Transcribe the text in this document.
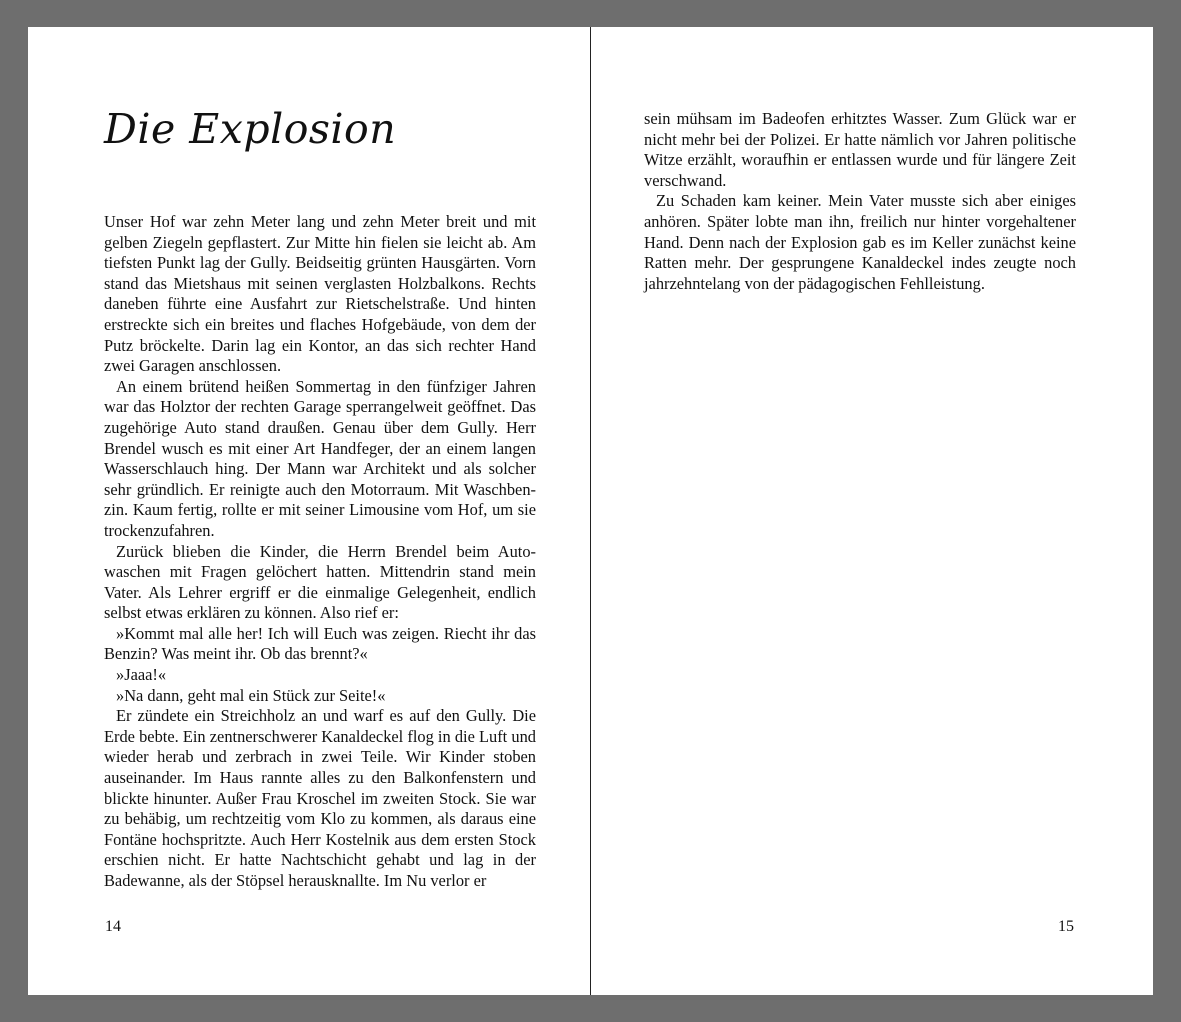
Die Explosion

Unser Hof war zehn Meter lang und zehn Meter breit und mit gelben Ziegeln gepflastert. Zur Mitte hin fielen sie leicht ab. Am tiefsten Punkt lag der Gully. Beidseitig grünten Hausgärten. Vorn stand das Mietshaus mit seinen verglasten Holzbalkons. Rechts daneben führte eine Ausfahrt zur Rietschelstraße. Und hinten erstreckte sich ein breites und flaches Hofgebäude, von dem der Putz bröckelte. Darin lag ein Kontor, an das sich rechter Hand zwei Garagen anschlossen.

An einem brütend heißen Sommertag in den fünfziger Jahren war das Holztor der rechten Garage sperrangelweit geöffnet. Das zugehörige Auto stand draußen. Genau über dem Gully. Herr Brendel wusch es mit einer Art Handfeger, der an einem langen Wasserschlauch hing. Der Mann war Architekt und als solcher sehr gründlich. Er reinigte auch den Motorraum. Mit Waschbenzin. Kaum fertig, rollte er mit seiner Limousine vom Hof, um sie trockenzufahren.

Zurück blieben die Kinder, die Herrn Brendel beim Autowaschen mit Fragen gelöchert hatten. Mittendrin stand mein Vater. Als Lehrer ergriff er die einmalige Gelegenheit, endlich selbst etwas erklären zu können. Also rief er:

»Kommt mal alle her! Ich will Euch was zeigen. Riecht ihr das Benzin? Was meint ihr. Ob das brennt?«

»Jaaa!«

»Na dann, geht mal ein Stück zur Seite!«

Er zündete ein Streichholz an und warf es auf den Gully. Die Erde bebte. Ein zentnerschwerer Kanaldeckel flog in die Luft und wieder herab und zerbrach in zwei Teile. Wir Kinder stoben auseinander. Im Haus rannte alles zu den Balkonfenstern und blickte hinunter. Außer Frau Kroschel im zweiten Stock. Sie war zu behäbig, um rechtzeitig vom Klo zu kommen, als daraus eine Fontäne hochspritzte. Auch Herr Kostelnik aus dem ersten Stock erschien nicht. Er hatte Nachtschicht gehabt und lag in der Badewanne, als der Stöpsel herausknallte. Im Nu verlor er

14

sein mühsam im Badeofen erhitztes Wasser. Zum Glück war er nicht mehr bei der Polizei. Er hatte nämlich vor Jahren politische Witze erzählt, woraufhin er entlassen wurde und für längere Zeit verschwand.

Zu Schaden kam keiner. Mein Vater musste sich aber einiges anhören. Später lobte man ihn, freilich nur hinter vorgehaltener Hand. Denn nach der Explosion gab es im Keller zunächst keine Ratten mehr. Der gesprungene Kanaldeckel indes zeugte noch jahrzehntelang von der pädagogischen Fehlleistung.

15
